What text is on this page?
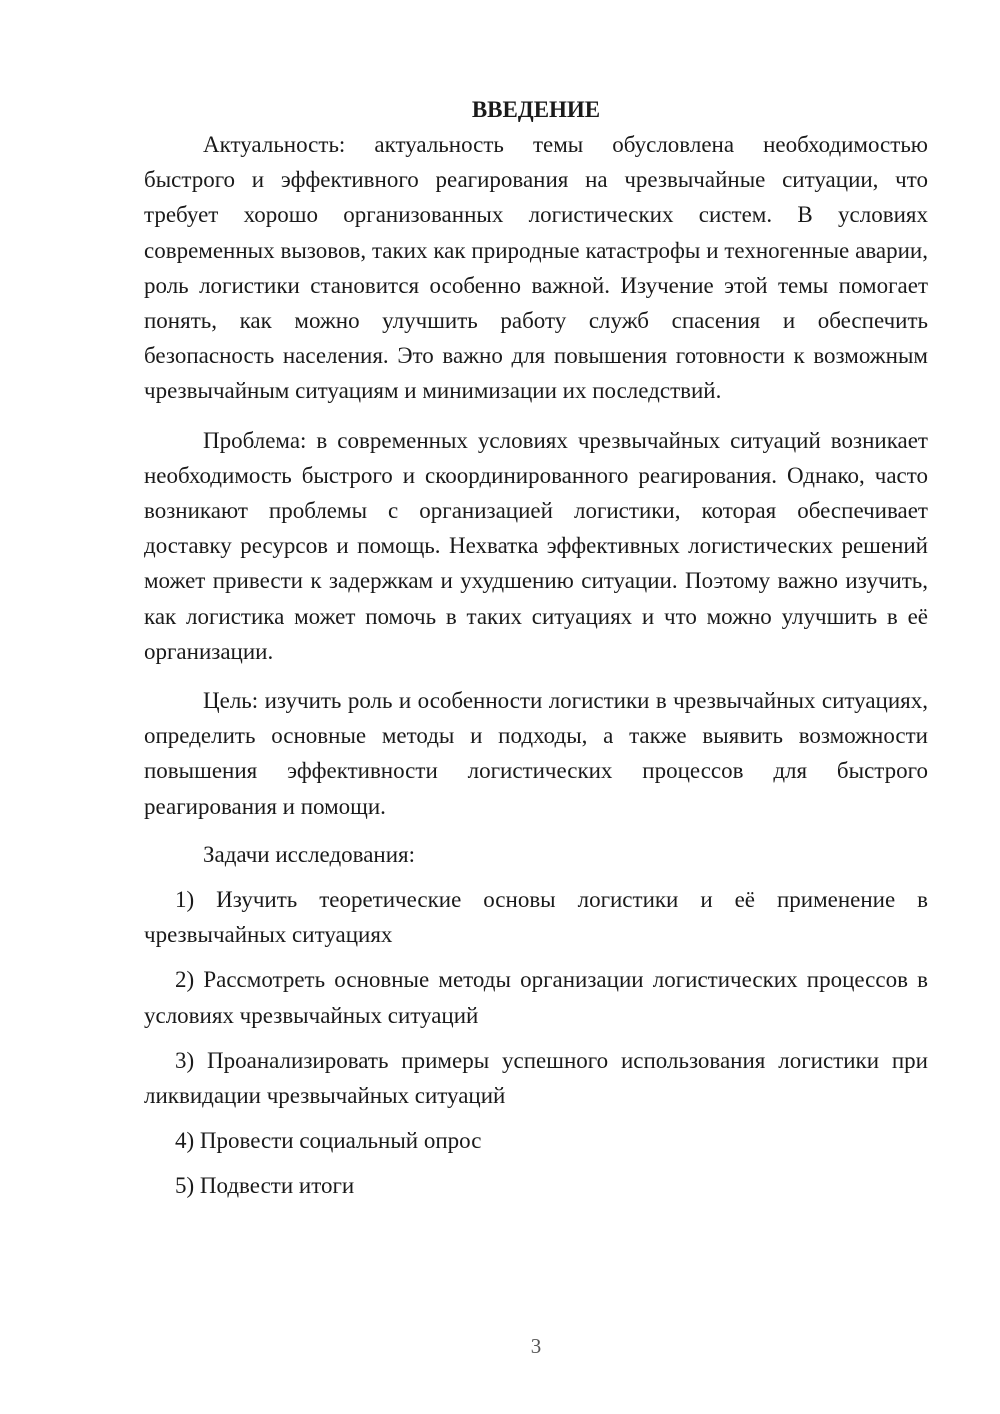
ВВЕДЕНИЕ

Актуальность: актуальность темы обусловлена необходимостью быстрого и эффективного реагирования на чрезвычайные ситуации, что требует хорошо организованных логистических систем. В условиях современных вызовов, таких как природные катастрофы и техногенные аварии, роль логистики становится особенно важной. Изучение этой темы помогает понять, как можно улучшить работу служб спасения и обеспечить безопасность населения. Это важно для повышения готовности к возможным чрезвычайным ситуациям и минимизации их последствий.

Проблема: в современных условиях чрезвычайных ситуаций возникает необходимость быстрого и скоординированного реагирования. Однако, часто возникают проблемы с организацией логистики, которая обеспечивает доставку ресурсов и помощь. Нехватка эффективных логистических решений может привести к задержкам и ухудшению ситуации. Поэтому важно изучить, как логистика может помочь в таких ситуациях и что можно улучшить в её организации.

Цель: изучить роль и особенности логистики в чрезвычайных ситуациях, определить основные методы и подходы, а также выявить возможности повышения эффективности логистических процессов для быстрого реагирования и помощи.

Задачи исследования:

1) Изучить теоретические основы логистики и её применение в чрезвычайных ситуациях

2) Рассмотреть основные методы организации логистических процессов в условиях чрезвычайных ситуаций

3) Проанализировать примеры успешного использования логистики при ликвидации чрезвычайных ситуаций

4) Провести социальный опрос

5) Подвести итоги

3
